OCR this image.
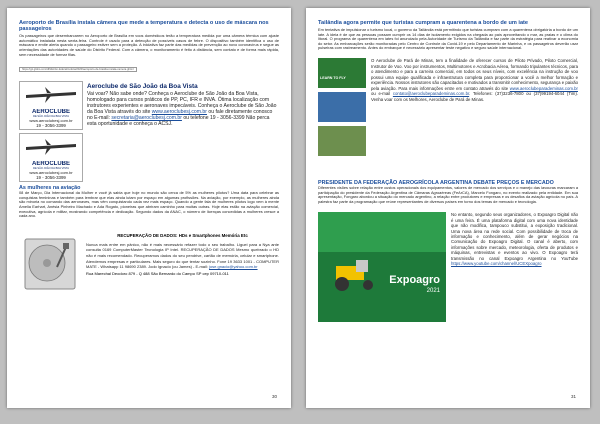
Aeroporto de Brasília instala câmera que mede a temperatura e detecta o uso de máscara nos passageiros

Os passageiros que desembarcarem no Aeroporto de Brasília em voos domésticos terão a temperatura medida por uma câmera térmica com ajuste automático instalada nesta sexta-feira. Controle é usado para a detecção de possíveis casos de febre. O dispositivo também identifica o uso de máscara e emite alerta quando o passageiro estiver sem a proteção. A iniciativa faz parte das medidas de prevenção ao novo coronavírus e segue as orientações das autoridades de saúde do Distrito Federal. Com a câmera, o monitoramento é feito à distância, sem contato e de forma mais rápida, sem necessidade de formar filas.

https://g1.globo.com/df/distrito-federal/noticia/2020/aeroporto-de-brasilia-instala-camera.ghtml
AEROCLUBE
DE SÃO JOÃO DA BOA VISTA
www.aeroclubesj.com.br
19 - 3056-3399
AEROCLUBE
DE SÃO JOÃO DA BOA VISTA
www.aeroclubesj.com.br
19 - 3056-3399

Aeroclube de São João da Boa Vista

Vai voar? Não sabe onde? Conheça o Aeroclube de São João da Boa Vista, homologado para cursos práticos de PP, PC, IFR e INVA. Ótima localização com instrutores experientes e aeronaves impecáveis. Conheça o Aeroclube de São João da Boa Vista através do site www.aeroclubesj.com.br ou fale diretamente conosco no E-mail: secretaria@aeroclubesj.com.br ou telefone 19 - 3056-3399 Não perca esta oportunidade e conheça o ACSJ.

As mulheres na aviação

08 de Março, Dia Internacional da Mulher e você já sabia que hoje no mundo são cerca de 5% as mulheres pilotos? Uma data para celebrar as conquistas femininas e também para lembrar que elas ainda lutam por espaço em algumas profissões. Na aviação, por exemplo, as mulheres ainda são minoria no comando das aeronaves, mas vêm conquistando cada vez mais espaço. Quando a gente fala de mulheres pilotos logo vem à mente Amelia Earhart, Anésia Pinheiro Machado e Ada Rogato, pioneiras que abriram caminho para muitas outras. Hoje elas estão na aviação comercial, executiva, agrícola e militar, mostrando competência e dedicação. Segundo dados da ANAC, o número de licenças concedidas a mulheres cresce a cada ano.

RECUPERAÇÃO DE DADOS: HDs e Smartphones Memória Etc

Nunca mais entre em pânico, não é mais necessário refazer todo o seu trabalho. Liguei para a Nya ante consulta 0169 ComputerMaster Tecnologia IP Intel. RECUPERAÇÃO DE DADOS Mesmo quebrado o HD não é mais recomendado. Recuperamos dados do seu pendrive, cartão de memória, celular e smartphone. Atendemos empresas e particulares. Mais seguro do que tentar sozinho. Fone 19 3633 1001 - COMPUTER MATE - Whatsapp 11 98690 2389. Jodo Ignacio (ou James) - E-mail: jose.gnacio@yahoo.com.br

Rua Marechal Deodoro 879 - Q 488 São Bernardo do Campo SP cep 09710-011

30

Tailândia agora permite que turistas cumpram a quarentena a bordo de um iate

Em tentativa de impulsionar o turismo local, o governo da Tailândia está permitindo que turistas cumpram com a quarentena obrigatória a bordo de um iate. A ideia é de que as pessoas possam cumprir os 14 dias de isolamento exigidos na chegada ao país aproveitando o mar, as praias e o clima do litoral. O programa de quarentena em iates foi anunciado pela Autoridade de Turismo da Tailândia e faz parte da estratégia para reativar a economia do setor. As embarcações serão monitoradas pelo Centro de Controle da Covid-19 e pelo Departamento de Marinha, e os passageiros deverão usar pulseiras com rastreamento. Antes do embarque é necessário apresentar teste negativo e seguro saúde internacional.

LEARN TO FLY

O Aeroclube de Pará de Minas, tem a finalidade de oferecer cursos de Piloto Privado, Piloto Comercial, Instrutor de Voo. Voo por instrumentos, Multimotores e Acrobacia Aérea, formando tripulantes técnicos, para o atendimento e para a carreira comercial, em todos os seus níveis, com excelência na instrução de voo possui uma equipe qualificada e infraestrutura completa para proporcionar a você a melhor formação e experiência. Nossos instrutores são capacitados e motivados a transmitir conhecimento, segurança e paixão pela aviação. Para mais informações entre em contato através do site www.aeroclubeparademinas.com.br ou e-mail contato@aeroclubeparademinas.com.br. Telefones: (37)3236-7800 ou (37)99194-6044 (Tim). Venha voar com os Melhores, Aeroclube de Pará de Minas.

PRESIDENTE DA FEDERAÇÃO AEROGRÍCOLA ARGENTINA DEBATE PREÇOS E MERCADO

Diferentes visões sobre relação entre custos operacionais dos equipamentos, valores de mercado dos serviços e o manejo das lavouras marcaram a participação do presidente da Federação Argentina de Câmaras Agroaéreas (FeArCA), Marcelo Fongaro, no evento realizado pela entidade. Em sua apresentação, Fongaro abordou a situação do mercado argentino, a relação entre produtores e empresas e os desafios da aviação agrícola no país. A palestra faz parte da programação que reúne representantes de diversos países em torno dos temas de mercado e tecnologia.

Expoagro
2021

No entanto, segundo seus organizadores, o Expoagro Digital não é uma feira. É uma plataforma digital com uma nova identidade que não modifica, tampouco substitui, a exposição tradicional. Uma nova área na rede social. Com possibilidade de troca de informação e conhecimento, além de gerar negócios na Comunicação do Expoagro Digital. O canal é aberto, com informações sobre mercado, meteorologia, oferta de produtos e máquinas, entrevistas e eventos ao vivo. O Expoagro terá transmissão no canal Expoagro Argentina no YouTube https://www.youtube.com/channel/UCEXpoagro

31
